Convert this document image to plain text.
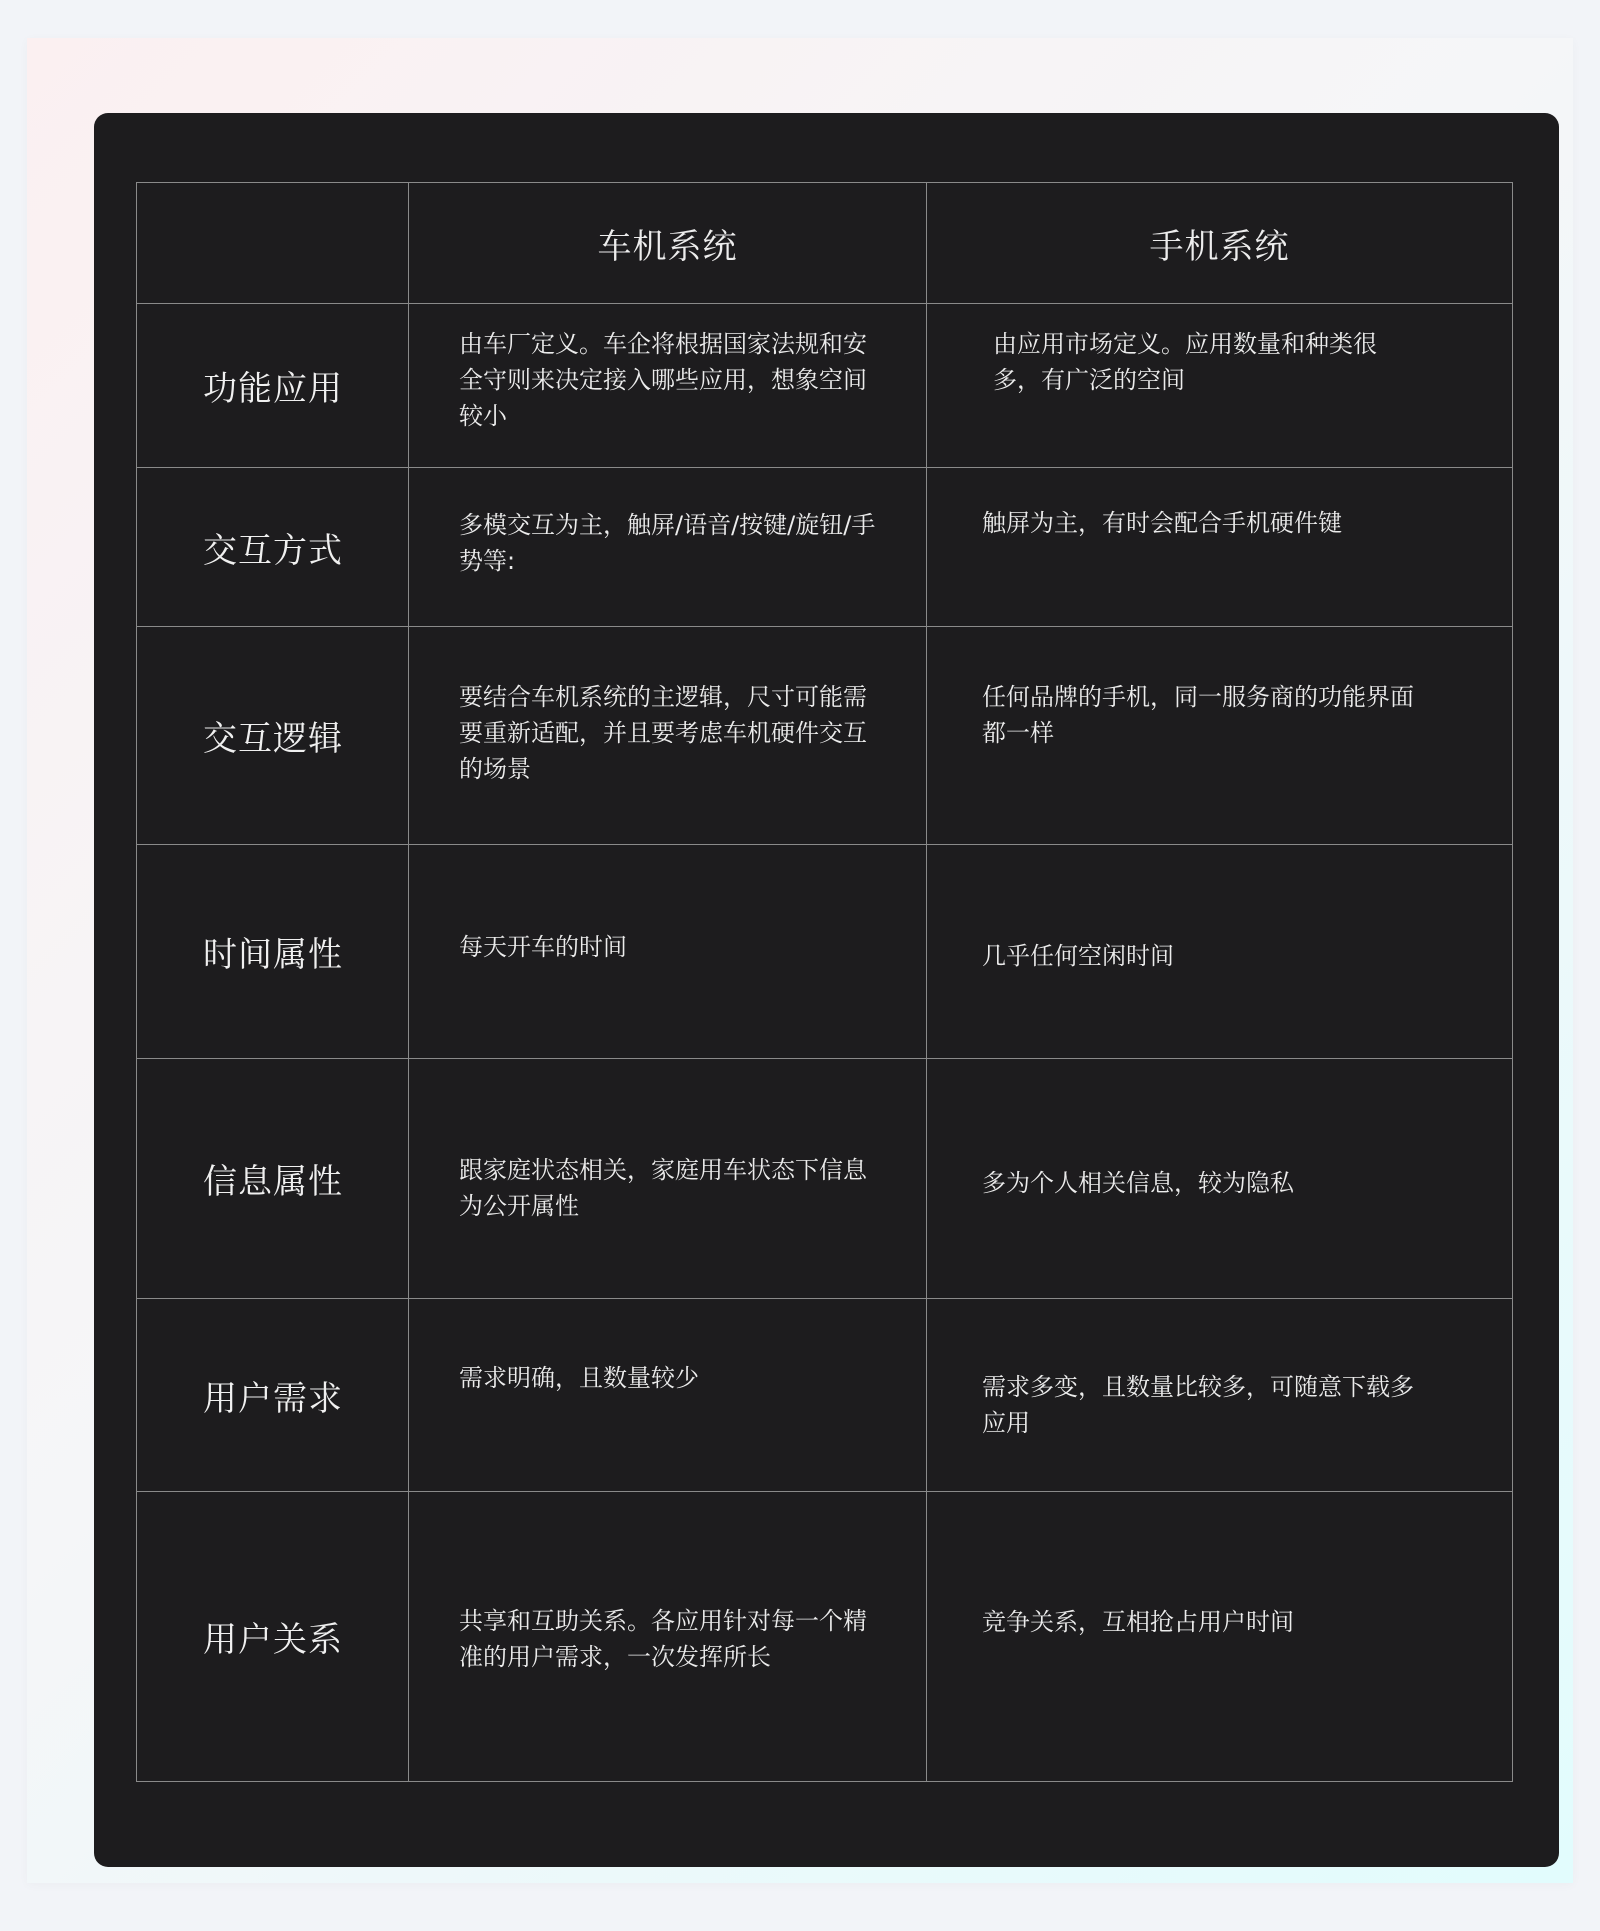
	车机系统	手机系统
功能应用	由车厂定义。车企将根据国家法规和安全守则来决定接入哪些应用，想象空间较小	由应用市场定义。应用数量和种类很多，有广泛的空间

交互方式	多模交互为主，触屏/语音/按键/旋钮/手势等:	触屏为主，有时会配合手机硬件键

交互逻辑	要结合车机系统的主逻辑，尺寸可能需要重新适配，并且要考虑车机硬件交互的场景	任何品牌的手机，同一服务商的功能界面都一样

时间属性	每天开车的时间	几乎任何空闲时间

信息属性	跟家庭状态相关，家庭用车状态下信息为公开属性	多为个人相关信息，较为隐私

用户需求	需求明确，且数量较少	需求多变，且数量比较多，可随意下载多应用

用户关系	共享和互助关系。各应用针对每一个精准的用户需求，一次发挥所长	竞争关系，互相抢占用户时间
